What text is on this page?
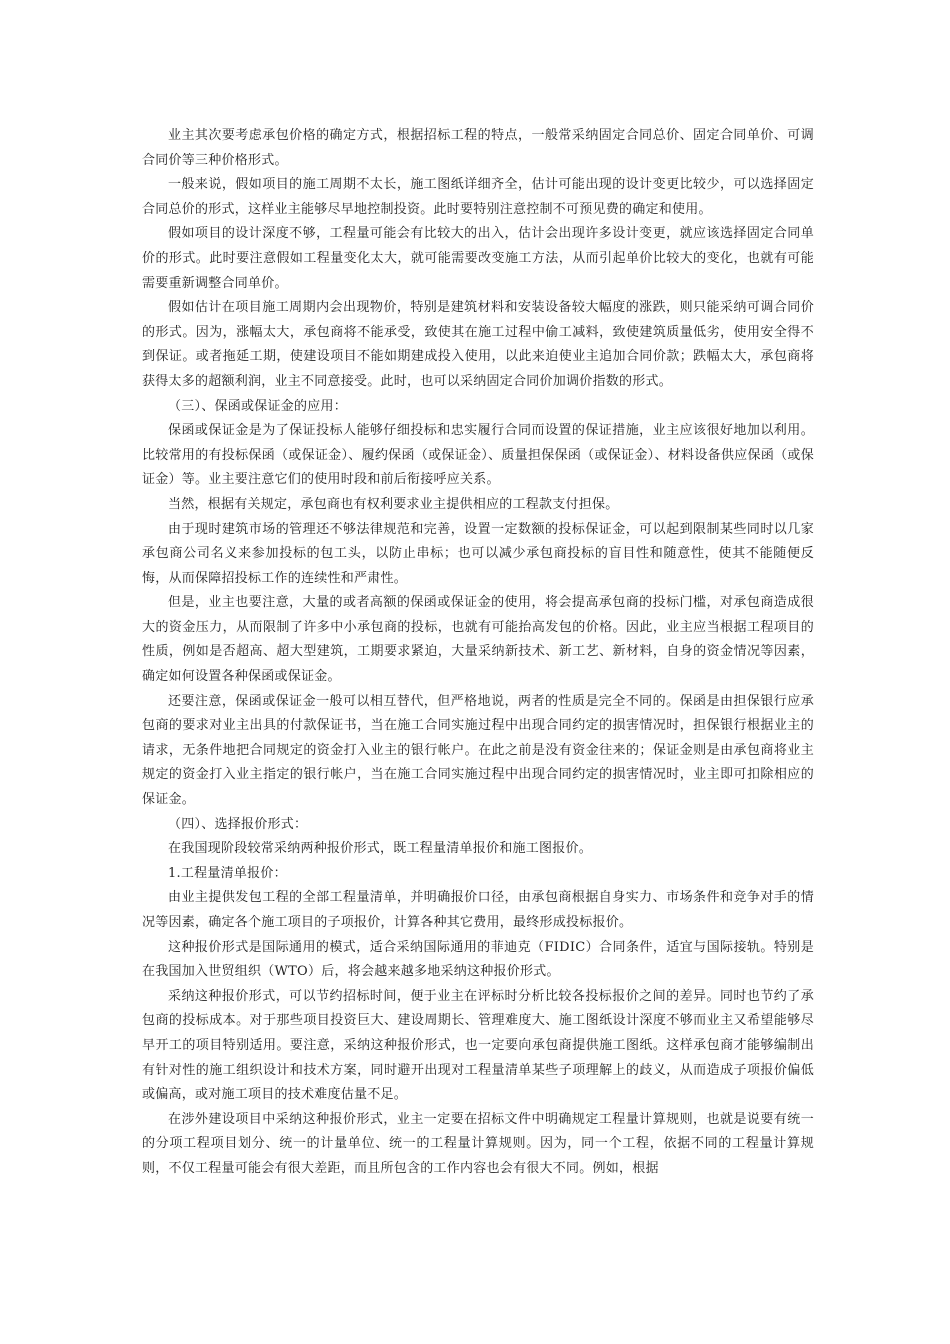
业主其次要考虑承包价格的确定方式，根据招标工程的特点，一般常采纳固定合同总价、固定合同单价、可调合同价等三种价格形式。

一般来说，假如项目的施工周期不太长，施工图纸详细齐全，估计可能出现的设计变更比较少，可以选择固定合同总价的形式，这样业主能够尽早地控制投资。此时要特别注意控制不可预见费的确定和使用。

假如项目的设计深度不够，工程量可能会有比较大的出入，估计会出现许多设计变更，就应该选择固定合同单价的形式。此时要注意假如工程量变化太大，就可能需要改变施工方法，从而引起单价比较大的变化，也就有可能需要重新调整合同单价。

假如估计在项目施工周期内会出现物价，特别是建筑材料和安装设备较大幅度的涨跌，则只能采纳可调合同价的形式。因为，涨幅太大，承包商将不能承受，致使其在施工过程中偷工减料，致使建筑质量低劣，使用安全得不到保证。或者拖延工期，使建设项目不能如期建成投入使用，以此来迫使业主追加合同价款；跌幅太大，承包商将获得太多的超额利润，业主不同意接受。此时，也可以采纳固定合同价加调价指数的形式。

（三）、保函或保证金的应用：

保函或保证金是为了保证投标人能够仔细投标和忠实履行合同而设置的保证措施，业主应该很好地加以利用。比较常用的有投标保函（或保证金）、履约保函（或保证金）、质量担保保函（或保证金）、材料设备供应保函（或保证金）等。业主要注意它们的使用时段和前后衔接呼应关系。

当然，根据有关规定，承包商也有权利要求业主提供相应的工程款支付担保。

由于现时建筑市场的管理还不够法律规范和完善，设置一定数额的投标保证金，可以起到限制某些同时以几家承包商公司名义来参加投标的包工头，以防止串标；也可以减少承包商投标的盲目性和随意性，使其不能随便反悔，从而保障招投标工作的连续性和严肃性。

但是，业主也要注意，大量的或者高额的保函或保证金的使用，将会提高承包商的投标门槛，对承包商造成很大的资金压力，从而限制了许多中小承包商的投标，也就有可能抬高发包的价格。因此，业主应当根据工程项目的性质，例如是否超高、超大型建筑，工期要求紧迫，大量采纳新技术、新工艺、新材料，自身的资金情况等因素，确定如何设置各种保函或保证金。

还要注意，保函或保证金一般可以相互替代，但严格地说，两者的性质是完全不同的。保函是由担保银行应承包商的要求对业主出具的付款保证书，当在施工合同实施过程中出现合同约定的损害情况时，担保银行根据业主的请求，无条件地把合同规定的资金打入业主的银行帐户。在此之前是没有资金往来的；保证金则是由承包商将业主规定的资金打入业主指定的银行帐户，当在施工合同实施过程中出现合同约定的损害情况时，业主即可扣除相应的保证金。

（四）、选择报价形式：

在我国现阶段较常采纳两种报价形式，既工程量清单报价和施工图报价。

1.工程量清单报价：

由业主提供发包工程的全部工程量清单，并明确报价口径，由承包商根据自身实力、市场条件和竞争对手的情况等因素，确定各个施工项目的子项报价，计算各种其它费用，最终形成投标报价。

这种报价形式是国际通用的模式，适合采纳国际通用的菲迪克（FIDIC）合同条件，适宜与国际接轨。特别是在我国加入世贸组织（WTO）后，将会越来越多地采纳这种报价形式。

采纳这种报价形式，可以节约招标时间，便于业主在评标时分析比较各投标报价之间的差异。同时也节约了承包商的投标成本。对于那些项目投资巨大、建设周期长、管理难度大、施工图纸设计深度不够而业主又希望能够尽早开工的项目特别适用。要注意，采纳这种报价形式，也一定要向承包商提供施工图纸。这样承包商才能够编制出有针对性的施工组织设计和技术方案，同时避开出现对工程量清单某些子项理解上的歧义，从而造成子项报价偏低或偏高，或对施工项目的技术难度估量不足。

在涉外建设项目中采纳这种报价形式，业主一定要在招标文件中明确规定工程量计算规则，也就是说要有统一的分项工程项目划分、统一的计量单位、统一的工程量计算规则。因为，同一个工程，依据不同的工程量计算规则，不仅工程量可能会有很大差距，而且所包含的工作内容也会有很大不同。例如，根据
